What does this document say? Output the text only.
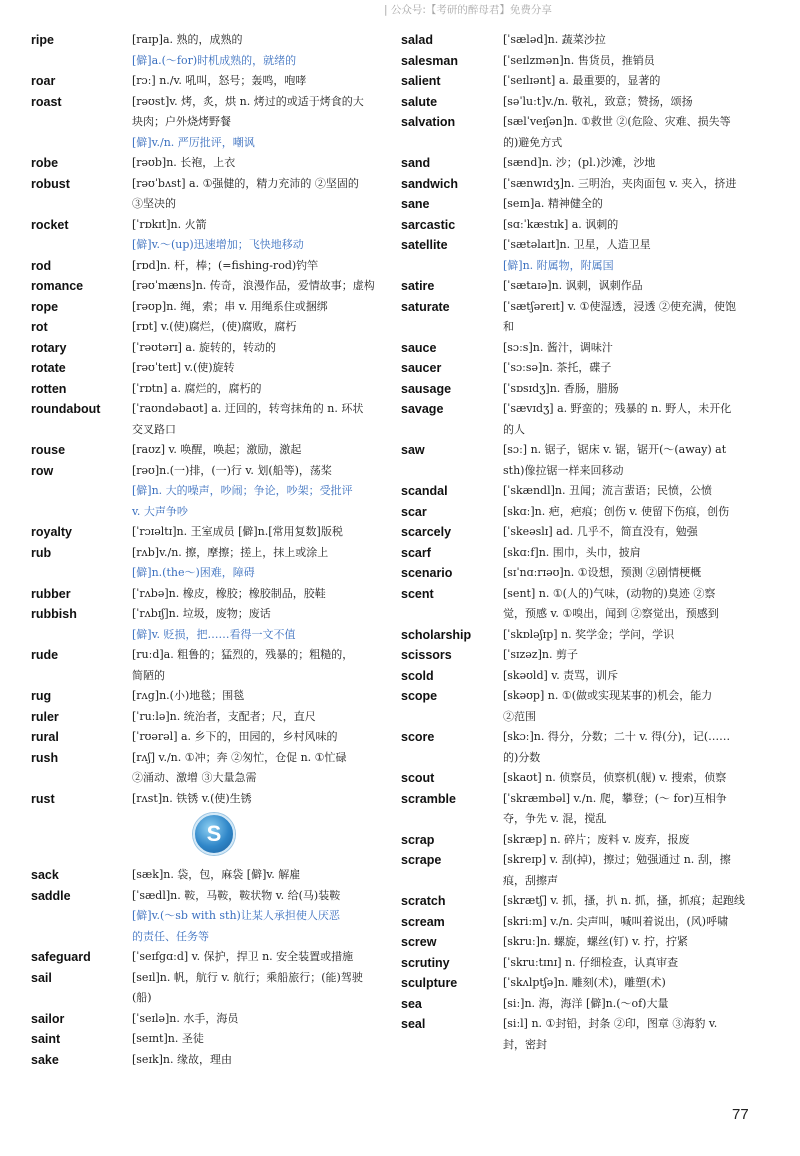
| 公众号:【考研的醉母君】免费分享
ripe	[raɪp]a. 熟的，成熟的

[僻]a.(～for)时机成熟的，就绪的

roar	[rɔː] n./v. 吼叫，怒号；轰鸣，咆哮

roast	[rəʊst]v. 烤，炙，烘 n. 烤过的或适于烤食的大

块肉；户外烧烤野餐

[僻]v./n. 严厉批评，嘲讽

robe	[rəʊb]n. 长袍，上衣

robust	[rəʊˈbʌst] a. ①强健的，精力充沛的 ②坚固的

③坚决的

rocket	[ˈrɒkɪt]n. 火箭

[僻]v.～(up)迅速增加；飞快地移动

rod	[rɒd]n. 杆，棒；(=fishing-rod)钓竿

romance	[rəʊˈmæns]n. 传奇，浪漫作品，爱情故事；虚构

rope	[rəʊp]n. 绳，索；串 v. 用绳系住或捆绑

rot	[rɒt] v.(使)腐烂，(使)腐败，腐朽

rotary	[ˈrəʊtərɪ] a. 旋转的，转动的

rotate	[rəʊˈteɪt] v.(使)旋转

rotten	[ˈrɒtn] a. 腐烂的，腐朽的

roundabout	[ˈraʊndəbaʊt] a. 迂回的，转弯抹角的 n. 环状

交叉路口

rouse	[raʊz] v. 唤醒，唤起；激励，激起

row	[rəʊ]n.(一)排，(一)行 v. 划(船等)，荡桨

[僻]n. 大的噪声，吵闹；争论，吵架；受批评

v. 大声争吵

royalty	[ˈrɔɪəltɪ]n. 王室成员 [僻]n.[常用复数]版税

rub	[rʌb]v./n. 擦，摩擦；搓上，抹上或涂上

[僻]n.(the～)困难，障碍

rubber	[ˈrʌbə]n. 橡皮，橡胶；橡胶制品，胶鞋

rubbish	[ˈrʌbɪʃ]n. 垃圾，废物；废话

[僻]v. 贬损，把……看得一文不值

rude	[ruːd]a. 粗鲁的；猛烈的，残暴的；粗糙的，

简陋的

rug	[rʌg]n.(小)地毯；围毯

ruler	[ˈruːlə]n. 统治者，支配者；尺，直尺

rural	[ˈrʊərəl] a. 乡下的，田园的，乡村风味的

rush	[rʌʃ] v./n. ①冲；奔 ②匆忙，仓促 n. ①忙碌

②涌动、激增 ③大量急需

rust	[rʌst]n. 铁锈 v.(使)生锈

S
sack	[sæk]n. 袋，包，麻袋 [僻]v. 解雇

saddle	[ˈsædl]n. 鞍，马鞍，鞍状物 v. 给(马)装鞍

[僻]v.(～sb with sth)让某人承担使人厌恶

的责任、任务等

safeguard	[ˈseɪfgɑːd] v. 保护，捍卫 n. 安全装置或措施

sail	[seɪl]n. 帆，航行 v. 航行；乘船旅行；(能)驾驶

(船)

sailor	[ˈseɪlə]n. 水手，海员

saint	[seɪnt]n. 圣徒

sake	[seɪk]n. 缘故，理由

salad	[ˈsæləd]n. 蔬菜沙拉

salesman	[ˈseɪlzmən]n. 售货员，推销员

salient	[ˈseɪlɪənt] a. 最重要的，显著的

salute	[səˈluːt]v./n. 敬礼，致意；赞扬，颂扬

salvation	[sælˈveɪʃən]n. ①救世 ②(危险、灾难、损失等

的)避免方式

sand	[sænd]n. 沙；(pl.)沙滩，沙地

sandwich	[ˈsænwɪdʒ]n. 三明治，夹肉面包 v. 夹入，挤进

sane	[seɪn]a. 精神健全的

sarcastic	[sɑːˈkæstɪk] a. 讽刺的

satellite	[ˈsætəlaɪt]n. 卫星，人造卫星

[僻]n. 附属物，附属国

satire	[ˈsætaɪə]n. 讽刺，讽刺作品

saturate	[ˈsætʃəreɪt] v. ①使湿透，浸透 ②使充满，使饱

和

sauce	[sɔːs]n. 酱汁，调味汁

saucer	[ˈsɔːsə]n. 茶托，碟子

sausage	[ˈsɒsɪdʒ]n. 香肠，腊肠

savage	[ˈsævɪdʒ] a. 野蛮的；残暴的 n. 野人，未开化

的人

saw	[sɔː] n. 锯子，锯床 v. 锯，锯开(～(away) at

sth)像拉锯一样来回移动

scandal	[ˈskændl]n. 丑闻；流言蜚语；民愤，公愤

scar	[skɑː]n. 疤，疤痕；创伤 v. 使留下伤痕，创伤

scarcely	[ˈskeəslɪ] ad. 几乎不，简直没有，勉强

scarf	[skɑːf]n. 围巾，头巾，披肩

scenario	[sɪˈnɑːrɪəʊ]n. ①设想，预测 ②剧情梗概

scent	[sent] n. ①(人的)气味，(动物的)臭迹 ②察

觉，预感 v. ①嗅出，闻到 ②察觉出，预感到

scholarship	[ˈskɒləʃɪp] n. 奖学金；学问，学识

scissors	[ˈsɪzəz]n. 剪子

scold	[skəʊld] v. 责骂，训斥

scope	[skəʊp] n. ①(做或实现某事的)机会，能力

②范围

score	[skɔː]n. 得分，分数；二十 v. 得(分)，记(……

的)分数

scout	[skaʊt] n. 侦察员，侦察机(舰) v. 搜索，侦察

scramble	[ˈskræmbəl] v./n. 爬，攀登；(～ for)互相争

夺，争先 v. 混，搅乱

scrap	[skræp] n. 碎片；废料 v. 废弃，报废

scrape	[skreɪp] v. 刮(掉)，擦过；勉强通过 n. 刮，擦

痕，刮擦声

scratch	[skrætʃ] v. 抓，搔，扒 n. 抓，搔，抓痕；起跑线

scream	[skriːm] v./n. 尖声叫，喊叫着说出，(风)呼啸

screw	[skruː]n. 螺旋，螺丝(钉) v. 拧，拧紧

scrutiny	[ˈskruːtɪnɪ] n. 仔细检查，认真审查

sculpture	[ˈskʌlptʃə]n. 雕刻(术)，雕塑(术)

sea	[siː]n. 海，海洋 [僻]n.(～of)大量

seal	[siːl] n. ①封铅，封条 ②印，图章 ③海豹 v.

封，密封

77
